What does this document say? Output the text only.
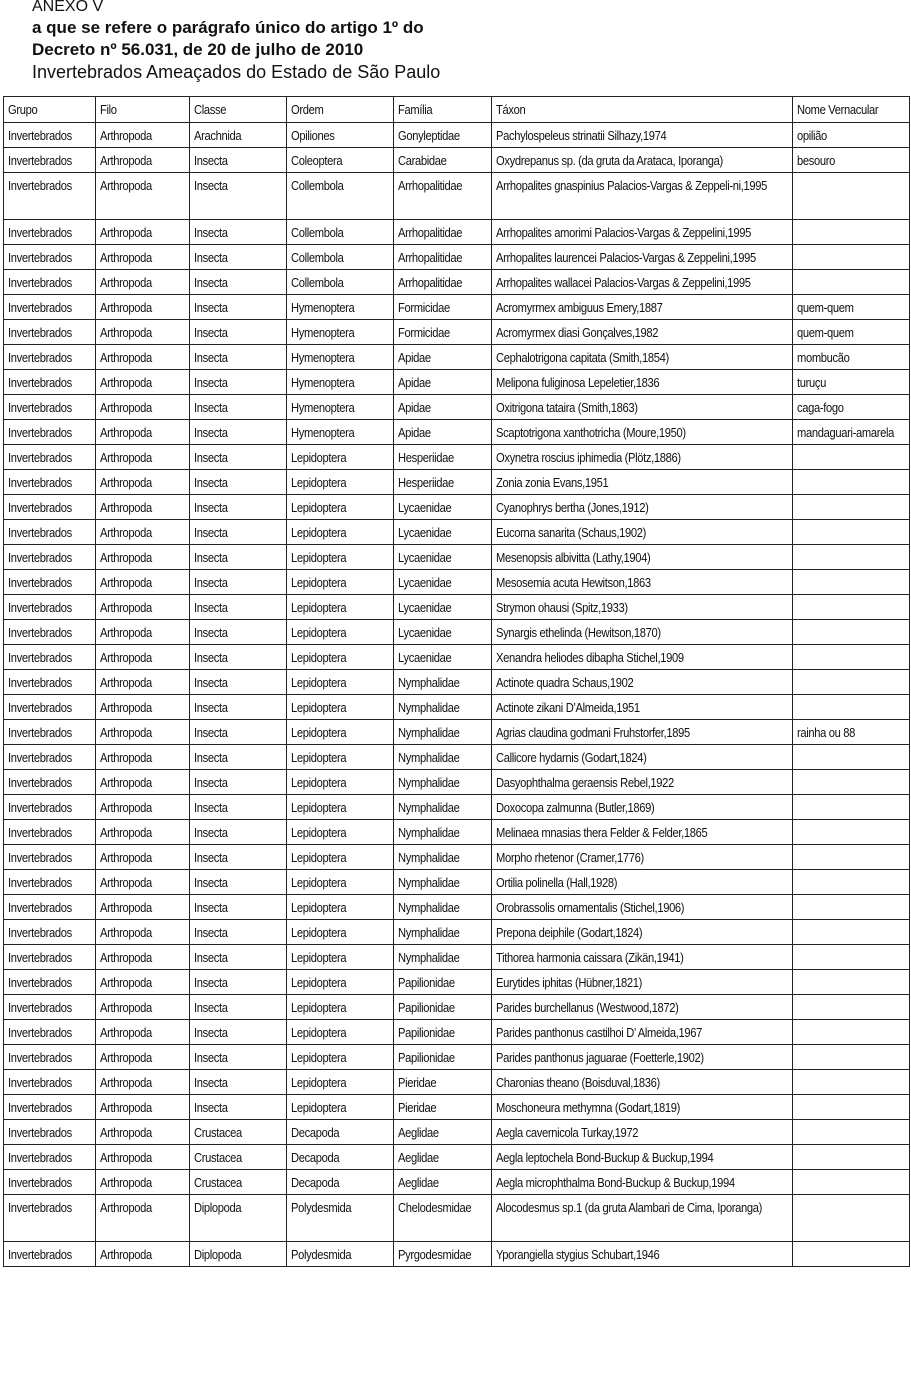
ANEXO V
a que se refere o parágrafo único do artigo 1º do
Decreto nº 56.031, de 20 de julho de 2010
Invertebrados Ameaçados do Estado de São Paulo
Grupo	Filo	Classe	Ordem	Família	Táxon	Nome Vernacular
Invertebrados	Arthropoda	Arachnida	Opiliones	Gonyleptidae	Pachylospeleus strinatii Silhazy,1974	opilião
Invertebrados	Arthropoda	Insecta	Coleoptera	Carabidae	Oxydrepanus sp. (da gruta da Arataca, Iporanga)	besouro
Invertebrados	Arthropoda	Insecta	Collembola	Arrhopalitidae	Arrhopalites gnaspinius Palacios-Vargas & Zeppeli-ni,1995	

Invertebrados	Arthropoda	Insecta	Collembola	Arrhopalitidae	Arrhopalites amorimi Palacios-Vargas & Zeppelini,1995	
Invertebrados	Arthropoda	Insecta	Collembola	Arrhopalitidae	Arrhopalites laurencei Palacios-Vargas & Zeppelini,1995	
Invertebrados	Arthropoda	Insecta	Collembola	Arrhopalitidae	Arrhopalites wallacei Palacios-Vargas & Zeppelini,1995	
Invertebrados	Arthropoda	Insecta	Hymenoptera	Formicidae	Acromyrmex ambiguus Emery,1887	quem-quem
Invertebrados	Arthropoda	Insecta	Hymenoptera	Formicidae	Acromyrmex diasi Gonçalves,1982	quem-quem
Invertebrados	Arthropoda	Insecta	Hymenoptera	Apidae	Cephalotrigona capitata (Smith,1854)	mombucão
Invertebrados	Arthropoda	Insecta	Hymenoptera	Apidae	Melipona fuliginosa Lepeletier,1836	turuçu
Invertebrados	Arthropoda	Insecta	Hymenoptera	Apidae	Oxitrigona tataira (Smith,1863)	caga-fogo
Invertebrados	Arthropoda	Insecta	Hymenoptera	Apidae	Scaptotrigona xanthotricha (Moure,1950)	mandaguari-amarela
Invertebrados	Arthropoda	Insecta	Lepidoptera	Hesperiidae	Oxynetra roscius iphimedia (Plötz,1886)	
Invertebrados	Arthropoda	Insecta	Lepidoptera	Hesperiidae	Zonia zonia Evans,1951	
Invertebrados	Arthropoda	Insecta	Lepidoptera	Lycaenidae	Cyanophrys bertha (Jones,1912)	
Invertebrados	Arthropoda	Insecta	Lepidoptera	Lycaenidae	Eucorna sanarita (Schaus,1902)	
Invertebrados	Arthropoda	Insecta	Lepidoptera	Lycaenidae	Mesenopsis albivitta (Lathy,1904)	
Invertebrados	Arthropoda	Insecta	Lepidoptera	Lycaenidae	Mesosemia acuta Hewitson,1863	
Invertebrados	Arthropoda	Insecta	Lepidoptera	Lycaenidae	Strymon ohausi (Spitz,1933)	
Invertebrados	Arthropoda	Insecta	Lepidoptera	Lycaenidae	Synargis ethelinda (Hewitson,1870)	
Invertebrados	Arthropoda	Insecta	Lepidoptera	Lycaenidae	Xenandra heliodes dibapha Stichel,1909	
Invertebrados	Arthropoda	Insecta	Lepidoptera	Nymphalidae	Actinote quadra Schaus,1902	
Invertebrados	Arthropoda	Insecta	Lepidoptera	Nymphalidae	Actinote zikani D’Almeida,1951	
Invertebrados	Arthropoda	Insecta	Lepidoptera	Nymphalidae	Agrias claudina godmani Fruhstorfer,1895	rainha ou 88
Invertebrados	Arthropoda	Insecta	Lepidoptera	Nymphalidae	Callicore hydarnis (Godart,1824)	
Invertebrados	Arthropoda	Insecta	Lepidoptera	Nymphalidae	Dasyophthalma geraensis Rebel,1922	
Invertebrados	Arthropoda	Insecta	Lepidoptera	Nymphalidae	Doxocopa zalmunna (Butler,1869)	
Invertebrados	Arthropoda	Insecta	Lepidoptera	Nymphalidae	Melinaea mnasias thera Felder & Felder,1865	
Invertebrados	Arthropoda	Insecta	Lepidoptera	Nymphalidae	Morpho rhetenor (Cramer,1776)	
Invertebrados	Arthropoda	Insecta	Lepidoptera	Nymphalidae	Ortilia polinella (Hall,1928)	
Invertebrados	Arthropoda	Insecta	Lepidoptera	Nymphalidae	Orobrassolis ornamentalis (Stichel,1906)	
Invertebrados	Arthropoda	Insecta	Lepidoptera	Nymphalidae	Prepona deiphile (Godart,1824)	
Invertebrados	Arthropoda	Insecta	Lepidoptera	Nymphalidae	Tithorea harmonia caissara (Zikän,1941)	
Invertebrados	Arthropoda	Insecta	Lepidoptera	Papilionidae	Eurytides iphitas (Hübner,1821)	
Invertebrados	Arthropoda	Insecta	Lepidoptera	Papilionidae	Parides burchellanus (Westwood,1872)	
Invertebrados	Arthropoda	Insecta	Lepidoptera	Papilionidae	Parides panthonus castilhoi D’ Almeida,1967	
Invertebrados	Arthropoda	Insecta	Lepidoptera	Papilionidae	Parides panthonus jaguarae (Foetterle,1902)	
Invertebrados	Arthropoda	Insecta	Lepidoptera	Pieridae	Charonias theano (Boisduval,1836)	
Invertebrados	Arthropoda	Insecta	Lepidoptera	Pieridae	Moschoneura methymna (Godart,1819)	
Invertebrados	Arthropoda	Crustacea	Decapoda	Aeglidae	Aegla cavernicola Turkay,1972	
Invertebrados	Arthropoda	Crustacea	Decapoda	Aeglidae	Aegla leptochela Bond-Buckup & Buckup,1994	
Invertebrados	Arthropoda	Crustacea	Decapoda	Aeglidae	Aegla microphthalma Bond-Buckup & Buckup,1994	
Invertebrados	Arthropoda	Diplopoda	Polydesmida	Chelodesmidae	Alocodesmus sp.1 (da gruta Alambari de Cima, Iporanga)	

Invertebrados	Arthropoda	Diplopoda	Polydesmida	Pyrgodesmidae	Yporangiella stygius Schubart,1946	
